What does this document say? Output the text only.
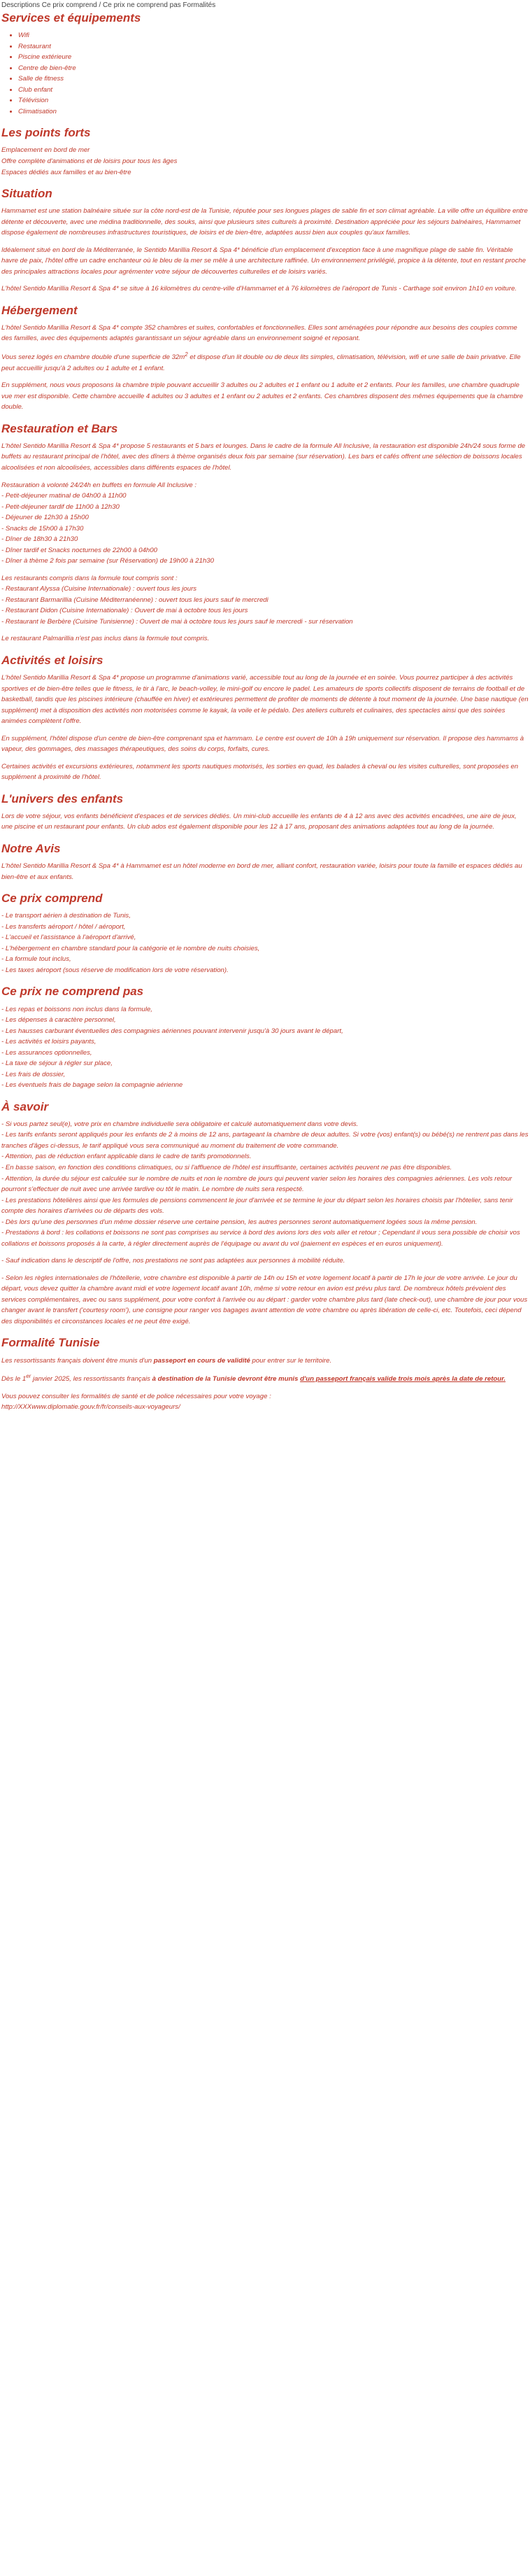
Descriptions Ce prix comprend / Ce prix ne comprend pas Formalités
Services et équipements
• Wifi
• Restaurant
• Piscine extérieure
• Centre de bien-être
• Salle de fitness
• Club enfant
• Télévision
• Climatisation
Les points forts
Emplacement en bord de mer
Offre complète d'animations et de loisirs pour tous les âges
Espaces dédiés aux familles et au bien-être
Situation

Hammamet est une station balnéaire située sur la côte nord-est de la Tunisie, réputée pour ses longues plages de sable fin et son climat agréable. La ville offre un équilibre entre détente et découverte, avec une médina traditionnelle, des souks, ainsi que plusieurs sites culturels à proximité. Destination appréciée pour les séjours balnéaires, Hammamet dispose également de nombreuses infrastructures touristiques, de loisirs et de bien-être, adaptées aussi bien aux couples qu'aux familles.

Idéalement situé en bord de la Méditerranée, le Sentido Marillia Resort & Spa 4* bénéficie d'un emplacement d'exception face à une magnifique plage de sable fin. Véritable havre de paix, l'hôtel offre un cadre enchanteur où le bleu de la mer se mêle à une architecture raffinée. Un environnement privilégié, propice à la détente, tout en restant proche des principales attractions locales pour agrémenter votre séjour de découvertes culturelles et de loisirs variés.

L'hôtel Sentido Marillia Resort & Spa 4* se situe à 16 kilomètres du centre-ville d'Hammamet et à 76 kilomètres de l'aéroport de Tunis - Carthage soit environ 1h10 en voiture.

Hébergement

L'hôtel Sentido Marillia Resort & Spa 4* compte 352 chambres et suites, confortables et fonctionnelles. Elles sont aménagées pour répondre aux besoins des couples comme des familles, avec des équipements adaptés garantissant un séjour agréable dans un environnement soigné et reposant.

Vous serez logés en chambre double d'une superficie de $32m^2$ et dispose d'un lit double ou de deux lits simples, climatisation, télévision, wifi et une salle de bain privative. Elle peut accueillir jusqu'à 2 adultes ou 1 adulte et 1 enfant.

En supplément, nous vous proposons la chambre triple pouvant accueillir 3 adultes ou 2 adultes et 1 enfant ou 1 adulte et 2 enfants. Pour les familles, une chambre quadruple vue mer est disponible. Cette chambre accueille 4 adultes ou 3 adultes et 1 enfant ou 2 adultes et 2 enfants. Ces chambres disposent des mêmes équipements que la chambre double.

Restauration et Bars

L'hôtel Sentido Marillia Resort & Spa 4* propose 5 restaurants et 5 bars et lounges. Dans le cadre de la formule All Inclusive, la restauration est disponible 24h/24 sous forme de buffets au restaurant principal de l'hôtel, avec des dîners à thème organisés deux fois par semaine (sur réservation). Les bars et cafés offrent une sélection de boissons locales alcoolisées et non alcoolisées, accessibles dans différents espaces de l'hôtel.

Restauration à volonté 24/24h en buffets en formule All Inclusive :
- Petit-déjeuner matinal de 04h00 à 11h00
- Petit-déjeuner tardif de 11h00 à 12h30
- Déjeuner de 12h30 à 15h00
- Snacks de 15h00 à 17h30
- Dîner de 18h30 à 21h30
- Dîner tardif et Snacks nocturnes de 22h00 à 04h00
- Dîner à thème 2 fois par semaine (sur Réservation) de 19h00 à 21h30
Les restaurants compris dans la formule tout compris sont :
- Restaurant Alyssa (Cuisine Internationale) : ouvert tous les jours
- Restaurant Barmarillia (Cuisine Méditerranéenne) : ouvert tous les jours sauf le mercredi
- Restaurant Didon (Cuisine Internationale) : Ouvert de mai à octobre tous les jours
- Restaurant le Berbère (Cuisine Tunisienne) : Ouvert de mai à octobre tous les jours sauf le mercredi - sur réservation

Le restaurant Palmarillia n'est pas inclus dans la formule tout compris.

Activités et loisirs

L'hôtel Sentido Marillia Resort & Spa 4* propose un programme d'animations varié, accessible tout au long de la journée et en soirée. Vous pourrez participer à des activités sportives et de bien-être telles que le fitness, le tir à l'arc, le beach-volley, le mini-golf ou encore le padel. Les amateurs de sports collectifs disposent de terrains de football et de basketball, tandis que les piscines intérieure (chauffée en hiver) et extérieures permettent de profiter de moments de détente à tout moment de la journée. Une base nautique (en supplément) met à disposition des activités non motorisées comme le kayak, la voile et le pédalo. Des ateliers culturels et culinaires, des spectacles ainsi que des soirées animées complètent l'offre.

En supplément, l'hôtel dispose d'un centre de bien-être comprenant spa et hammam. Le centre est ouvert de 10h à 19h uniquement sur réservation. Il propose des hammams à vapeur, des gommages, des massages thérapeutiques, des soins du corps, forfaits, cures.

Certaines activités et excursions extérieures, notamment les sports nautiques motorisés, les sorties en quad, les balades à cheval ou les visites culturelles, sont proposées en supplément à proximité de l'hôtel.

L'univers des enfants

Lors de votre séjour, vos enfants bénéficient d'espaces et de services dédiés. Un mini-club accueille les enfants de 4 à 12 ans avec des activités encadrées, une aire de jeux, une piscine et un restaurant pour enfants. Un club ados est également disponible pour les 12 à 17 ans, proposant des animations adaptées tout au long de la journée.

Notre Avis

L'hôtel Sentido Marillia Resort & Spa 4* à Hammamet est un hôtel moderne en bord de mer, alliant confort, restauration variée, loisirs pour toute la famille et espaces dédiés au bien-être et aux enfants.

Ce prix comprend
- Le transport aérien à destination de Tunis,
- Les transferts aéroport / hôtel / aéroport,
- L'accueil et l'assistance à l'aéroport d'arrivé,
- L'hébergement en chambre standard pour la catégorie et le nombre de nuits choisies,
- La formule tout inclus,
- Les taxes aéroport (sous réserve de modification lors de votre réservation).
Ce prix ne comprend pas
- Les repas et boissons non inclus dans la formule,
- Les dépenses à caractère personnel,
- Les hausses carburant éventuelles des compagnies aériennes pouvant intervenir jusqu'à 30 jours avant le départ,
- Les activités et loisirs payants,
- Les assurances optionnelles,
- La taxe de séjour à régler sur place,
- Les frais de dossier,
- Les éventuels frais de bagage selon la compagnie aérienne
À savoir
- Si vous partez seul(e), votre prix en chambre individuelle sera obligatoire et calculé automatiquement dans votre devis.
- Les tarifs enfants seront appliqués pour les enfants de 2 à moins de 12 ans, partageant la chambre de deux adultes. Si votre (vos) enfant(s) ou bébé(s) ne rentrent pas dans les tranches d'âges ci-dessus, le tarif appliqué vous sera communiqué au moment du traitement de votre commande.
- Attention, pas de réduction enfant applicable dans le cadre de tarifs promotionnels.
- En basse saison, en fonction des conditions climatiques, ou si l'affluence de l'hôtel est insuffisante, certaines activités peuvent ne pas être disponibles.
- Attention, la durée du séjour est calculée sur le nombre de nuits et non le nombre de jours qui peuvent varier selon les horaires des compagnies aériennes. Les vols retour pourront s'effectuer de nuit avec une arrivée tardive ou tôt le matin. Le nombre de nuits sera respecté.
- Les prestations hôtelières ainsi que les formules de pensions commencent le jour d'arrivée et se termine le jour du départ selon les horaires choisis par l'hôtelier, sans tenir compte des horaires d'arrivées ou de départs des vols.
- Dès lors qu'une des personnes d'un même dossier réserve une certaine pension, les autres personnes seront automatiquement logées sous la même pension.
- Prestations à bord : les collations et boissons ne sont pas comprises au service à bord des avions lors des vols aller et retour ; Cependant il vous sera possible de choisir vos collations et boissons proposés à la carte, à régler directement auprès de l'équipage ou avant du vol (paiement en espèces et en euros uniquement).

- Sauf indication dans le descriptif de l'offre, nos prestations ne sont pas adaptées aux personnes à mobilité réduite.

- Selon les règles internationales de l'hôtellerie, votre chambre est disponible à partir de 14h ou 15h et votre logement locatif à partir de 17h le jour de votre arrivée. Le jour du départ, vous devez quitter la chambre avant midi et votre logement locatif avant 10h, même si votre retour en avion est prévu plus tard. De nombreux hôtels prévoient des services complémentaires, avec ou sans supplément, pour votre confort à l'arrivée ou au départ : garder votre chambre plus tard (late check-out), une chambre de jour pour vous changer avant le transfert ('courtesy room'), une consigne pour ranger vos bagages avant attention de votre chambre ou après libération de celle-ci, etc. Toutefois, ceci dépend des disponibilités et circonstances locales et ne peut être exigé.

Formalité Tunisie

Les ressortissants français doivent être munis d'un passeport en cours de validité pour entrer sur le territoire.

Dès le 1er janvier 2025, les ressortissants français à destination de la Tunisie devront être munis d'un passeport français valide trois mois après la date de retour.

Vous pouvez consulter les formalités de santé et de police nécessaires pour votre voyage :
http://XXXwww.diplomatie.gouv.fr/fr/conseils-aux-voyageurs/
